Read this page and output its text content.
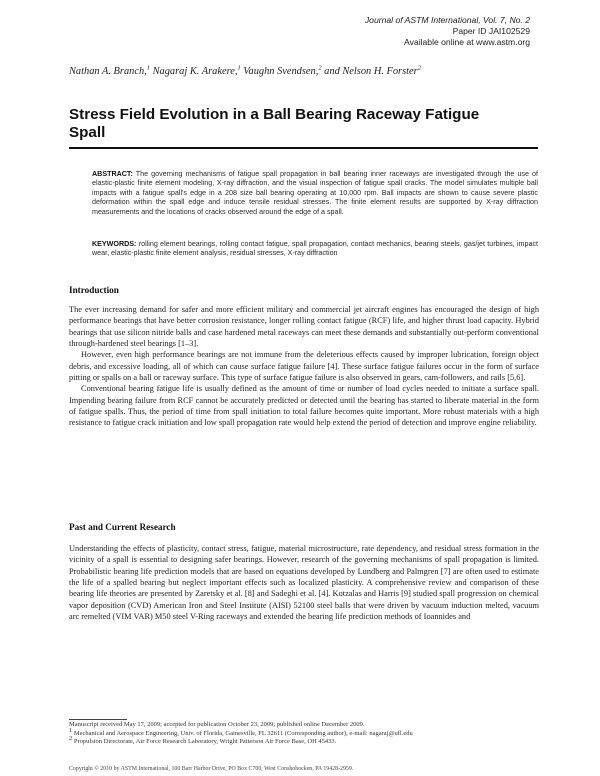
Journal of ASTM International, Vol. 7, No. 2
Paper ID JAI102529
Available online at www.astm.org
Nathan A. Branch,$^1$ Nagaraj K. Arakere,$^1$ Vaughn Svendsen,$^2$ and Nelson H. Forster$^2$
Stress Field Evolution in a Ball Bearing Raceway Fatigue Spall
ABSTRACT: The governing mechanisms of fatigue spall propagation in ball bearing inner raceways are investigated through the use of elastic-plastic finite element modeling, X-ray diffraction, and the visual inspection of fatigue spall cracks. The model simulates multiple ball impacts with a fatigue spall's edge in a 208 size ball bearing operating at 10,000 rpm. Ball impacts are shown to cause severe plastic deformation within the spall edge and induce tensile residual stresses. The finite element results are supported by X-ray diffraction measurements and the locations of cracks observed around the edge of a spall.
KEYWORDS: rolling element bearings, rolling contact fatigue, spall propagation, contact mechanics, bearing steels, gas/jet turbines, impact wear, elastic-plastic finite element analysis, residual stresses, X-ray diffraction
Introduction

The ever increasing demand for safer and more efficient military and commercial jet aircraft engines has encouraged the design of high performance bearings that have better corrosion resistance, longer rolling contact fatigue (RCF) life, and higher thrust load capacity. Hybrid bearings that use silicon nitride balls and case hardened metal raceways can meet these demands and substantially out-perform conventional through-hardened steel bearings [1–3].

However, even high performance bearings are not immune from the deleterious effects caused by improper lubrication, foreign object debris, and excessive loading, all of which can cause surface fatigue failure [4]. These surface fatigue failures occur in the form of surface pitting or spalls on a ball or raceway surface. This type of surface fatigue failure is also observed in gears, cam-followers, and rails [5,6].

Conventional bearing fatigue life is usually defined as the amount of time or number of load cycles needed to initiate a surface spall. Impending bearing failure from RCF cannot be accurately predicted or detected until the bearing has started to liberate material in the form of fatigue spalls. Thus, the period of time from spall initiation to total failure becomes quite important. More robust materials with a high resistance to fatigue crack initiation and low spall propagation rate would help extend the period of detection and improve engine reliability.

Past and Current Research

Understanding the effects of plasticity, contact stress, fatigue, material microstructure, rate dependency, and residual stress formation in the vicinity of a spall is essential to designing safer bearings. However, research of the governing mechanisms of spall propagation is limited. Probabilistic bearing life prediction models that are based on equations developed by Lundberg and Palmgren [7] are often used to estimate the life of a spalled bearing but neglect important effects such as localized plasticity. A comprehensive review and comparison of these bearing life theories are presented by Zaretsky et al. [8] and Sadeghi et al. [4]. Kotzalas and Harris [9] studied spall progression on chemical vapor deposition (CVD) American Iron and Steel Institute (AISI) 52100 steel balls that were driven by vacuum induction melted, vacuum arc remelted (VIM VAR) M50 steel V-Ring raceways and extended the bearing life prediction methods of Ioannides and

Manuscript received May 17, 2009; accepted for publication October 23, 2009; published online December 2009.

$^1$ Mechanical and Aerospace Engineering, Univ. of Florida, Gainesville, FL 32611 (Corresponding author), e-mail: nagaraj@ufl.edu

$^2$ Propulsion Directorate, Air Force Research Laboratory, Wright Patterson Air Force Base, OH 45433.

Copyright © 2010 by ASTM International, 100 Barr Harbor Drive, PO Box C700, West Conshohocken, PA 19428-2959.
